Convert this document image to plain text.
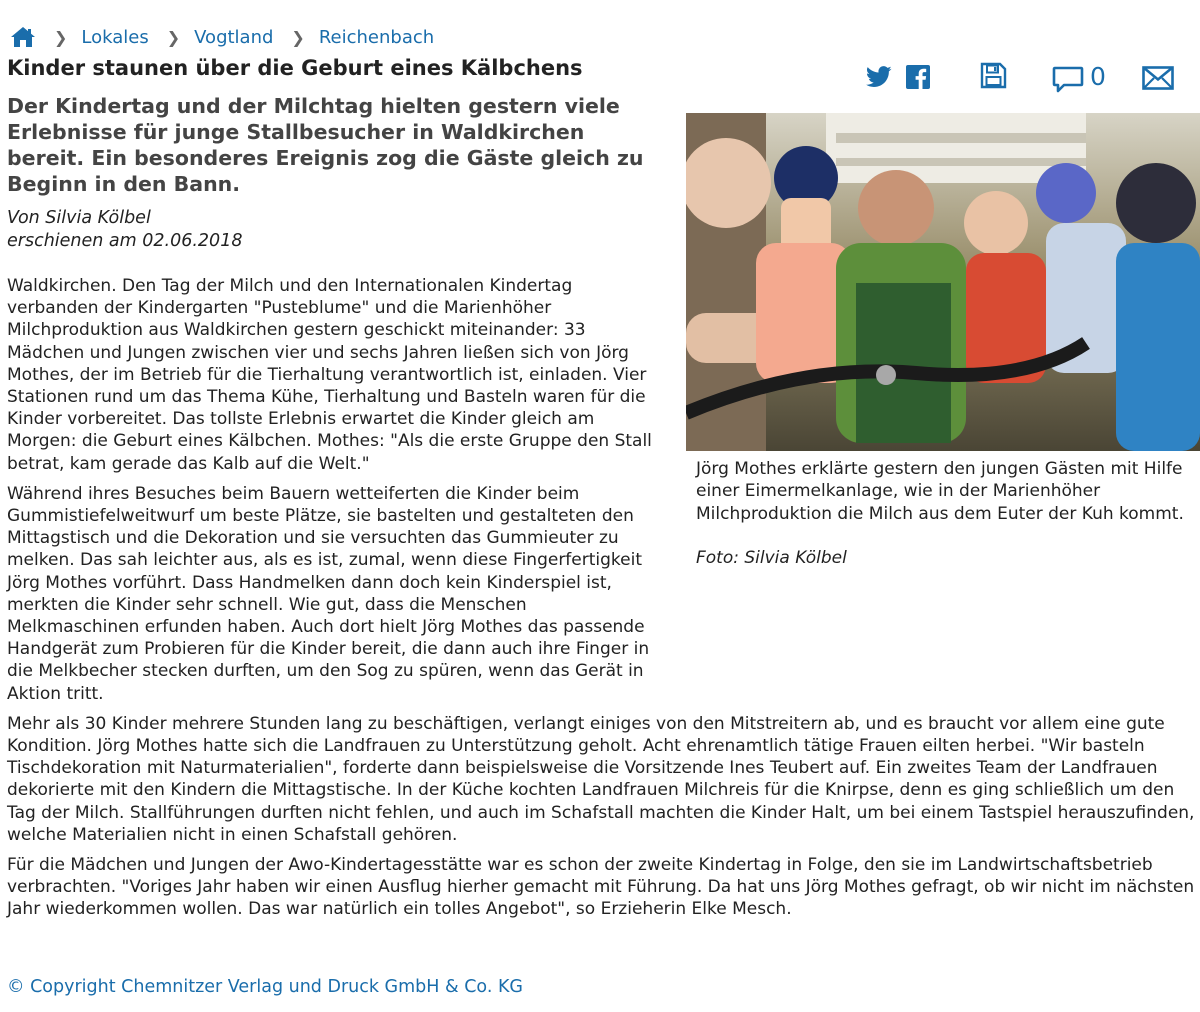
❯ Lokales ❯ Vogtland ❯ Reichenbach
Kinder staunen über die Geburt eines Kälbchens	0

Der Kindertag und der Milchtag hielten gestern viele Erlebnisse für junge Stallbesucher in Waldkirchen bereit. Ein besonderes Ereignis zog die Gäste gleich zu Beginn in den Bann.

Von Silvia Kölbel
erschienen am 02.06.2018
Jörg Mothes erklärte gestern den jungen Gästen mit Hilfe einer Eimermelkanlage, wie in der Marienhöher Milchproduktion die Milch aus dem Euter der Kuh kommt.
Foto: Silvia Kölbel

Waldkirchen. Den Tag der Milch und den Internationalen Kindertag verbanden der Kindergarten "Pusteblume" und die Marienhöher Milchproduktion aus Waldkirchen gestern geschickt miteinander: 33 Mädchen und Jungen zwischen vier und sechs Jahren ließen sich von Jörg Mothes, der im Betrieb für die Tierhaltung verantwortlich ist, einladen. Vier Stationen rund um das Thema Kühe, Tierhaltung und Basteln waren für die Kinder vorbereitet. Das tollste Erlebnis erwartet die Kinder gleich am Morgen: die Geburt eines Kälbchen. Mothes: "Als die erste Gruppe den Stall betrat, kam gerade das Kalb auf die Welt."

Während ihres Besuches beim Bauern wetteiferten die Kinder beim Gummistiefelweitwurf um beste Plätze, sie bastelten und gestalteten den Mittagstisch und die Dekoration und sie versuchten das Gummieuter zu melken. Das sah leichter aus, als es ist, zumal, wenn diese Fingerfertigkeit Jörg Mothes vorführt. Dass Handmelken dann doch kein Kinderspiel ist, merkten die Kinder sehr schnell. Wie gut, dass die Menschen Melkmaschinen erfunden haben. Auch dort hielt Jörg Mothes das passende Handgerät zum Probieren für die Kinder bereit, die dann auch ihre Finger in die Melkbecher stecken durften, um den Sog zu spüren, wenn das Gerät in Aktion tritt.

Mehr als 30 Kinder mehrere Stunden lang zu beschäftigen, verlangt einiges von den Mitstreitern ab, und es braucht vor allem eine gute Kondition. Jörg Mothes hatte sich die Landfrauen zu Unterstützung geholt. Acht ehrenamtlich tätige Frauen eilten herbei. "Wir basteln Tischdekoration mit Naturmaterialien", forderte dann beispielsweise die Vorsitzende Ines Teubert auf. Ein zweites Team der Landfrauen dekorierte mit den Kindern die Mittagstische. In der Küche kochten Landfrauen Milchreis für die Knirpse, denn es ging schließlich um den Tag der Milch. Stallführungen durften nicht fehlen, und auch im Schafstall machten die Kinder Halt, um bei einem Tastspiel herauszufinden, welche Materialien nicht in einen Schafstall gehören.

Für die Mädchen und Jungen der Awo-Kindertagesstätte war es schon der zweite Kindertag in Folge, den sie im Landwirtschaftsbetrieb verbrachten. "Voriges Jahr haben wir einen Ausflug hierher gemacht mit Führung. Da hat uns Jörg Mothes gefragt, ob wir nicht im nächsten Jahr wiederkommen wollen. Das war natürlich ein tolles Angebot", so Erzieherin Elke Mesch.

© Copyright Chemnitzer Verlag und Druck GmbH & Co. KG
